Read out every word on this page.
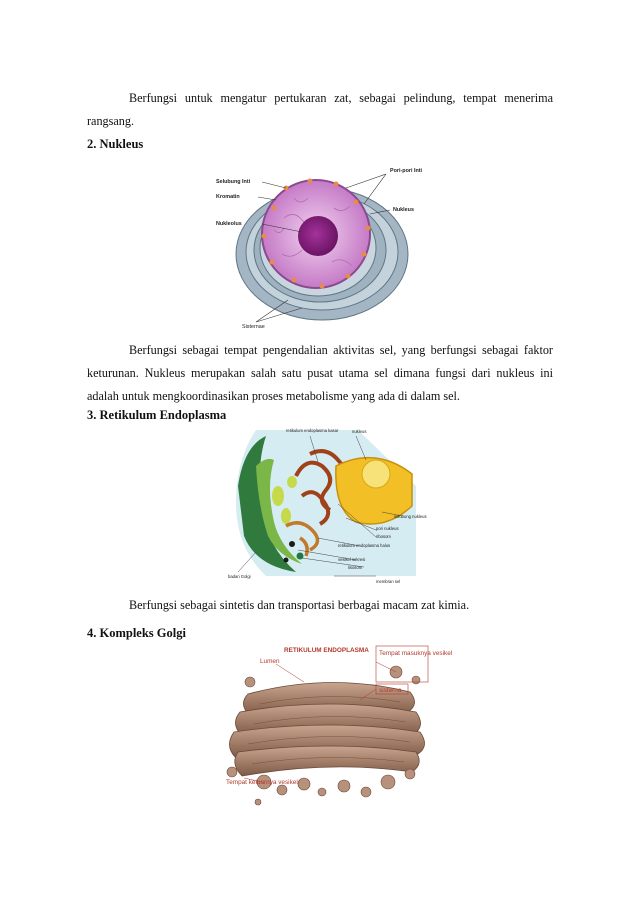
Berfungsi untuk mengatur pertukaran zat, sebagai pelindung, tempat menerima rangsang.

2. Nukleus
Selubung Inti
Kromatin
Nukleolus
Pori-pori Inti
Nukleus
Sisternae

Berfungsi sebagai tempat pengendalian aktivitas sel, yang berfungsi sebagai faktor keturunan. Nukleus merupakan salah satu pusat utama sel dimana fungsi dari nukleus ini adalah untuk mengkoordinasikan proses metabolisme yang ada di dalam sel.

3. Retikulum Endoplasma
retikulum endoplasma kasar	nukleus
selubung nukleus
pori nukleus
ribosom
retikulum endoplasma halus
vesikel sekresi
lisosom
membran sel
badan Golgi

Berfungsi sebagai sintetis dan transportasi berbagai macam zat kimia.

4. Kompleks Golgi
RETIKULUM ENDOPLASMA
Lumen
Tempat masuknya vesikel
sisterna
Tempat keluarnya vesikel
